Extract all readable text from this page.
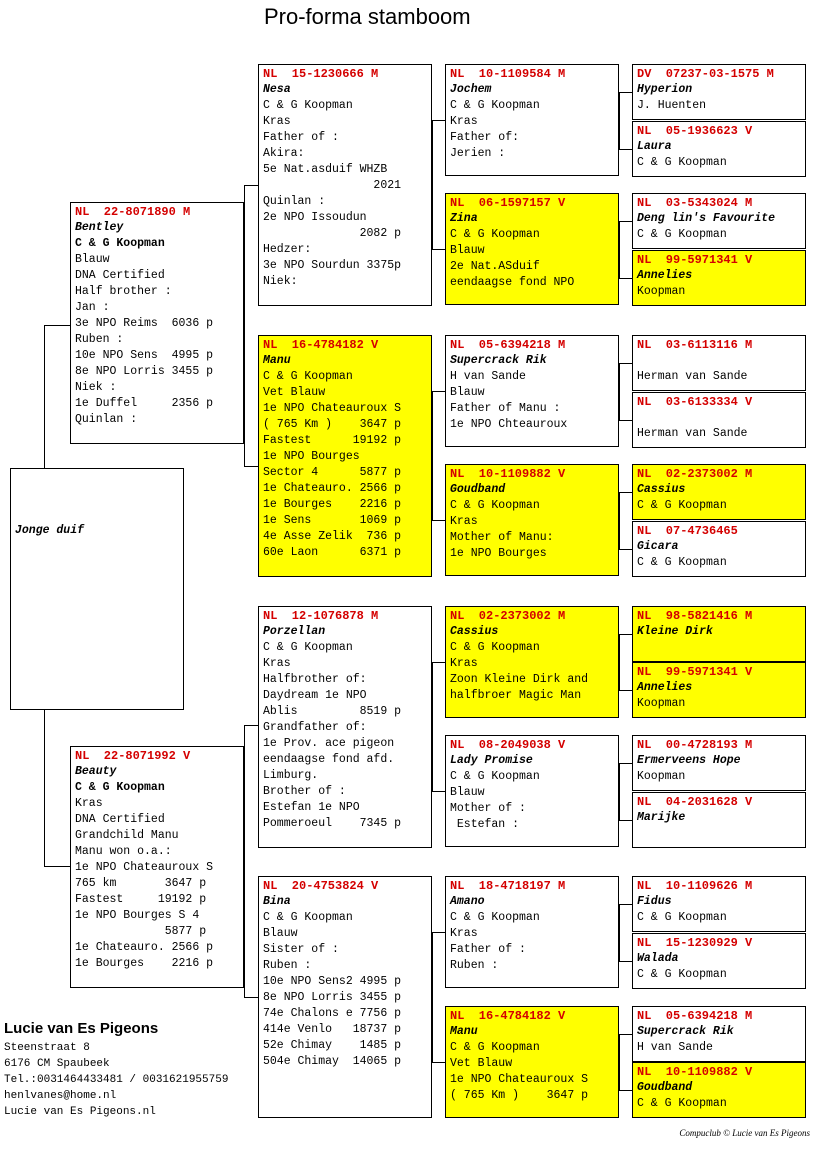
Pro-forma stamboom

Jonge duif

NL  22-8071890 M
Bentley
C & G Koopman
Blauw
DNA Certified
Half brother :
Jan :
3e NPO Reims  6036 p
Ruben :
10e NPO Sens  4995 p
8e NPO Lorris 3455 p
Niek :
1e Duffel     2356 p
Quinlan :
NL  22-8071992 V
Beauty
C & G Koopman
Kras
DNA Certified
Grandchild Manu
Manu won o.a.:
1e NPO Chateauroux S
765 km       3647 p
Fastest     19192 p
1e NPO Bourges S 4
5877 p
1e Chateauro. 2566 p
1e Bourges    2216 p
NL  15-1230666 M
Nesa
C & G Koopman
Kras
Father of :
Akira:
5e Nat.asduif WHZB
2021
Quinlan :
2e NPO Issoudun
2082 p
Hedzer:
3e NPO Sourdun 3375p
Niek:
NL  16-4784182 V
Manu
C & G Koopman
Vet Blauw
1e NPO Chateauroux S
( 765 Km )    3647 p
Fastest      19192 p
1e NPO Bourges
Sector 4      5877 p
1e Chateauro. 2566 p
1e Bourges    2216 p
1e Sens       1069 p
4e Asse Zelik  736 p
60e Laon      6371 p
NL  12-1076878 M
Porzellan
C & G Koopman
Kras
Halfbrother of:
Daydream 1e NPO
Ablis         8519 p
Grandfather of:
1e Prov. ace pigeon
eendaagse fond afd.
Limburg.
Brother of :
Estefan 1e NPO
Pommeroeul    7345 p
NL  20-4753824 V
Bina
C & G Koopman
Blauw
Sister of :
Ruben :
10e NPO Sens2 4995 p
8e NPO Lorris 3455 p
74e Chalons e 7756 p
414e Venlo   18737 p
52e Chimay    1485 p
504e Chimay  14065 p
NL  10-1109584 M
Jochem
C & G Koopman
Kras
Father of:
Jerien :
NL  06-1597157 V
Zina
C & G Koopman
Blauw
2e Nat.ASduif
eendaagse fond NPO
NL  05-6394218 M
Supercrack Rik
H van Sande
Blauw
Father of Manu :
1e NPO Chteauroux
NL  10-1109882 V
Goudband
C & G Koopman
Kras
Mother of Manu:
1e NPO Bourges
NL  02-2373002 M
Cassius
C & G Koopman
Kras
Zoon Kleine Dirk and
halfbroer Magic Man
NL  08-2049038 V
Lady Promise
C & G Koopman
Blauw
Mother of :
Estefan :
NL  18-4718197 M
Amano
C & G Koopman
Kras
Father of :
Ruben :
NL  16-4784182 V
Manu
C & G Koopman
Vet Blauw
1e NPO Chateauroux S
( 765 Km )    3647 p
DV  07237-03-1575 M
Hyperion
J. Huenten
NL  05-1936623 V
Laura
C & G Koopman
NL  03-5343024 M
Deng lin's Favourite
C & G Koopman
NL  99-5971341 V
Annelies
Koopman
NL  03-6113116 M

Herman van Sande
NL  03-6133334 V

Herman van Sande
NL  02-2373002 M
Cassius
C & G Koopman
NL  07-4736465
Gicara
C & G Koopman
NL  98-5821416 M
Kleine Dirk
NL  99-5971341 V
Annelies
Koopman
NL  00-4728193 M
Ermerveens Hope
Koopman
NL  04-2031628 V
Marijke
NL  10-1109626 M
Fidus
C & G Koopman
NL  15-1230929 V
Walada
C & G Koopman
NL  05-6394218 M
Supercrack Rik
H van Sande
NL  10-1109882 V
Goudband
C & G Koopman
Lucie van Es Pigeons
Steenstraat 8
6176 CM Spaubeek
Tel.:0031464433481 / 0031621955759
henlvanes@home.nl
Lucie van Es Pigeons.nl
Compuclub © Lucie van Es Pigeons
